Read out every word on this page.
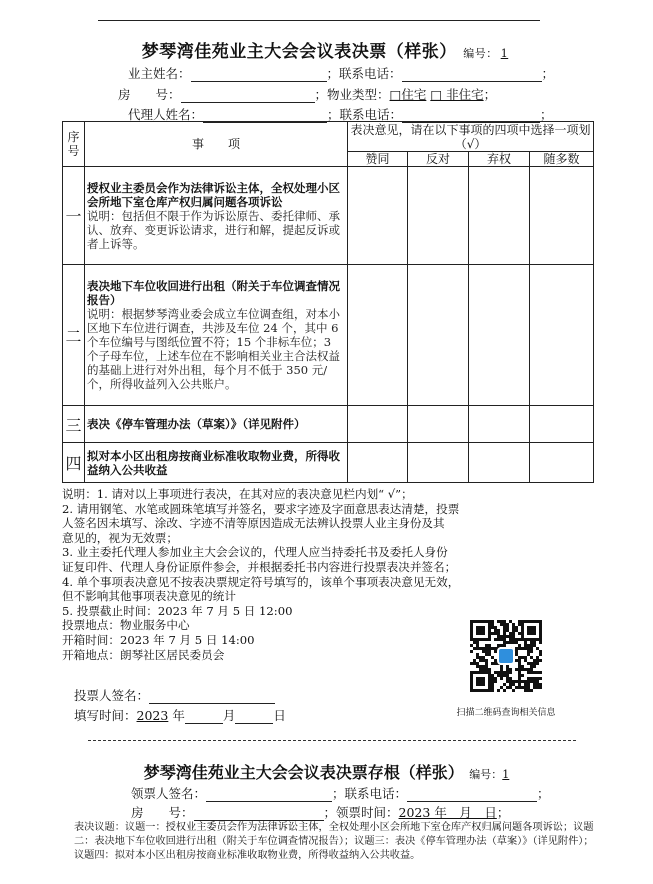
梦琴湾佳苑业主大会会议表决票（样张） 编号： 1
业主姓名：	；联系电话：	；
房　　号：	；物业类型：□住宅 □ 非住宅；
代理人姓名：	；联系电话：	；
序号	事　　项	表决意见，请在以下事项的四项中选择一项划（√）			
		赞同	反对	弃权	随多数
一	授权业主委员会作为法律诉讼主体，全权处理小区会所地下室仓库产权归属问题各项诉讼
说明：包括但不限于作为诉讼原告、委托律师、承认、放弃、变更诉讼请求，进行和解，提起反诉或者上诉等。				

二	表决地下车位收回进行出租（附关于车位调查情况报告）
说明：根据梦琴湾业委会成立车位调查组，对本小区地下车位进行调查，共涉及车位 24 个，其中 6 个车位编号与图纸位置不符；15 个非标车位；3 个子母车位，上述车位在不影响相关业主合法权益的基础上进行对外出租，每个月不低于 350 元/个，所得收益列入公共账户。				

三	表决《停车管理办法（草案）》（详见附件）				

四	拟对本小区出租房按商业标准收取物业费，所得收益纳入公共收益				

说明：1. 请对以上事项进行表决，在其对应的表决意见栏内划“ √”；
2. 请用钢笔、水笔或圆珠笔填写并签名，要求字迹及字面意思表达清楚，投票
人签名因未填写、涂改、字迹不清等原因造成无法辨认投票人业主身份及其
意见的，视为无效票；
3. 业主委托代理人参加业主大会会议的，代理人应当持委托书及委托人身份
证复印件、代理人身份证原件参会，并根据委托书内容进行投票表决并签名；
4. 单个事项表决意见不按表决票规定符号填写的，该单个事项表决意见无效，
但不影响其他事项表决意见的统计
5. 投票截止时间：2023 年 7 月 5 日 12:00
投票地点：物业服务中心
开箱时间：2023 年 7 月 5 日 14:00
开箱地点：朗琴社区居民委员会
投票人签名：
填写时间：2023 年	月	日	扫描二维码查询相关信息
梦琴湾佳苑业主大会会议表决票存根（样张） 编号：1
领票人签名：	；联系电话：	；
房　　号：	；领票时间：2023 年　月　日；
表决议题：议题一：授权业主委员会作为法律诉讼主体，全权处理小区会所地下室仓库产权归属问题各项诉讼；议题二：表决地下车位收回进行出租（附关于车位调查情况报告）；议题三：表决《停车管理办法（草案）》（详见附件）；议题四：拟对本小区出租房按商业标准收取物业费，所得收益纳入公共收益。
